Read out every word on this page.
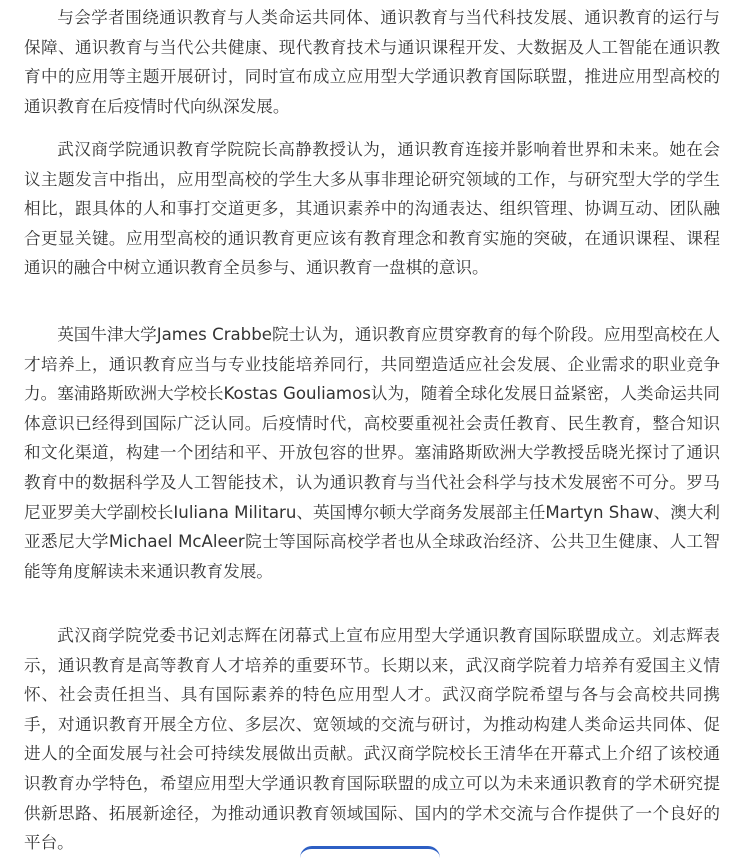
与会学者围绕通识教育与人类命运共同体、通识教育与当代科技发展、通识教育的运行与保障、通识教育与当代公共健康、现代教育技术与通识课程开发、大数据及人工智能在通识教育中的应用等主题开展研讨，同时宣布成立应用型大学通识教育国际联盟，推进应用型高校的通识教育在后疫情时代向纵深发展。

武汉商学院通识教育学院院长高静教授认为，通识教育连接并影响着世界和未来。她在会议主题发言中指出，应用型高校的学生大多从事非理论研究领域的工作，与研究型大学的学生相比，跟具体的人和事打交道更多，其通识素养中的沟通表达、组织管理、协调互动、团队融合更显关键。应用型高校的通识教育更应该有教育理念和教育实施的突破，在通识课程、课程通识的融合中树立通识教育全员参与、通识教育一盘棋的意识。

英国牛津大学James Crabbe院士认为，通识教育应贯穿教育的每个阶段。应用型高校在人才培养上，通识教育应当与专业技能培养同行，共同塑造适应社会发展、企业需求的职业竞争力。塞浦路斯欧洲大学校长Kostas Gouliamos认为，随着全球化发展日益紧密，人类命运共同体意识已经得到国际广泛认同。后疫情时代，高校要重视社会责任教育、民生教育，整合知识和文化渠道，构建一个团结和平、开放包容的世界。塞浦路斯欧洲大学教授岳晓光探讨了通识教育中的数据科学及人工智能技术，认为通识教育与当代社会科学与技术发展密不可分。罗马尼亚罗美大学副校长Iuliana Militaru、英国博尔顿大学商务发展部主任Martyn Shaw、澳大利亚悉尼大学Michael McAleer院士等国际高校学者也从全球政治经济、公共卫生健康、人工智能等角度解读未来通识教育发展。

武汉商学院党委书记刘志辉在闭幕式上宣布应用型大学通识教育国际联盟成立。刘志辉表示，通识教育是高等教育人才培养的重要环节。长期以来，武汉商学院着力培养有爱国主义情怀、社会责任担当、具有国际素养的特色应用型人才。武汉商学院希望与各与会高校共同携手，对通识教育开展全方位、多层次、宽领域的交流与研讨，为推动构建人类命运共同体、促进人的全面发展与社会可持续发展做出贡献。武汉商学院校长王清华在开幕式上介绍了该校通识教育办学特色，希望应用型大学通识教育国际联盟的成立可以为未来通识教育的学术研究提供新思路、拓展新途径，为推动通识教育领域国际、国内的学术交流与合作提供了一个良好的平台。
